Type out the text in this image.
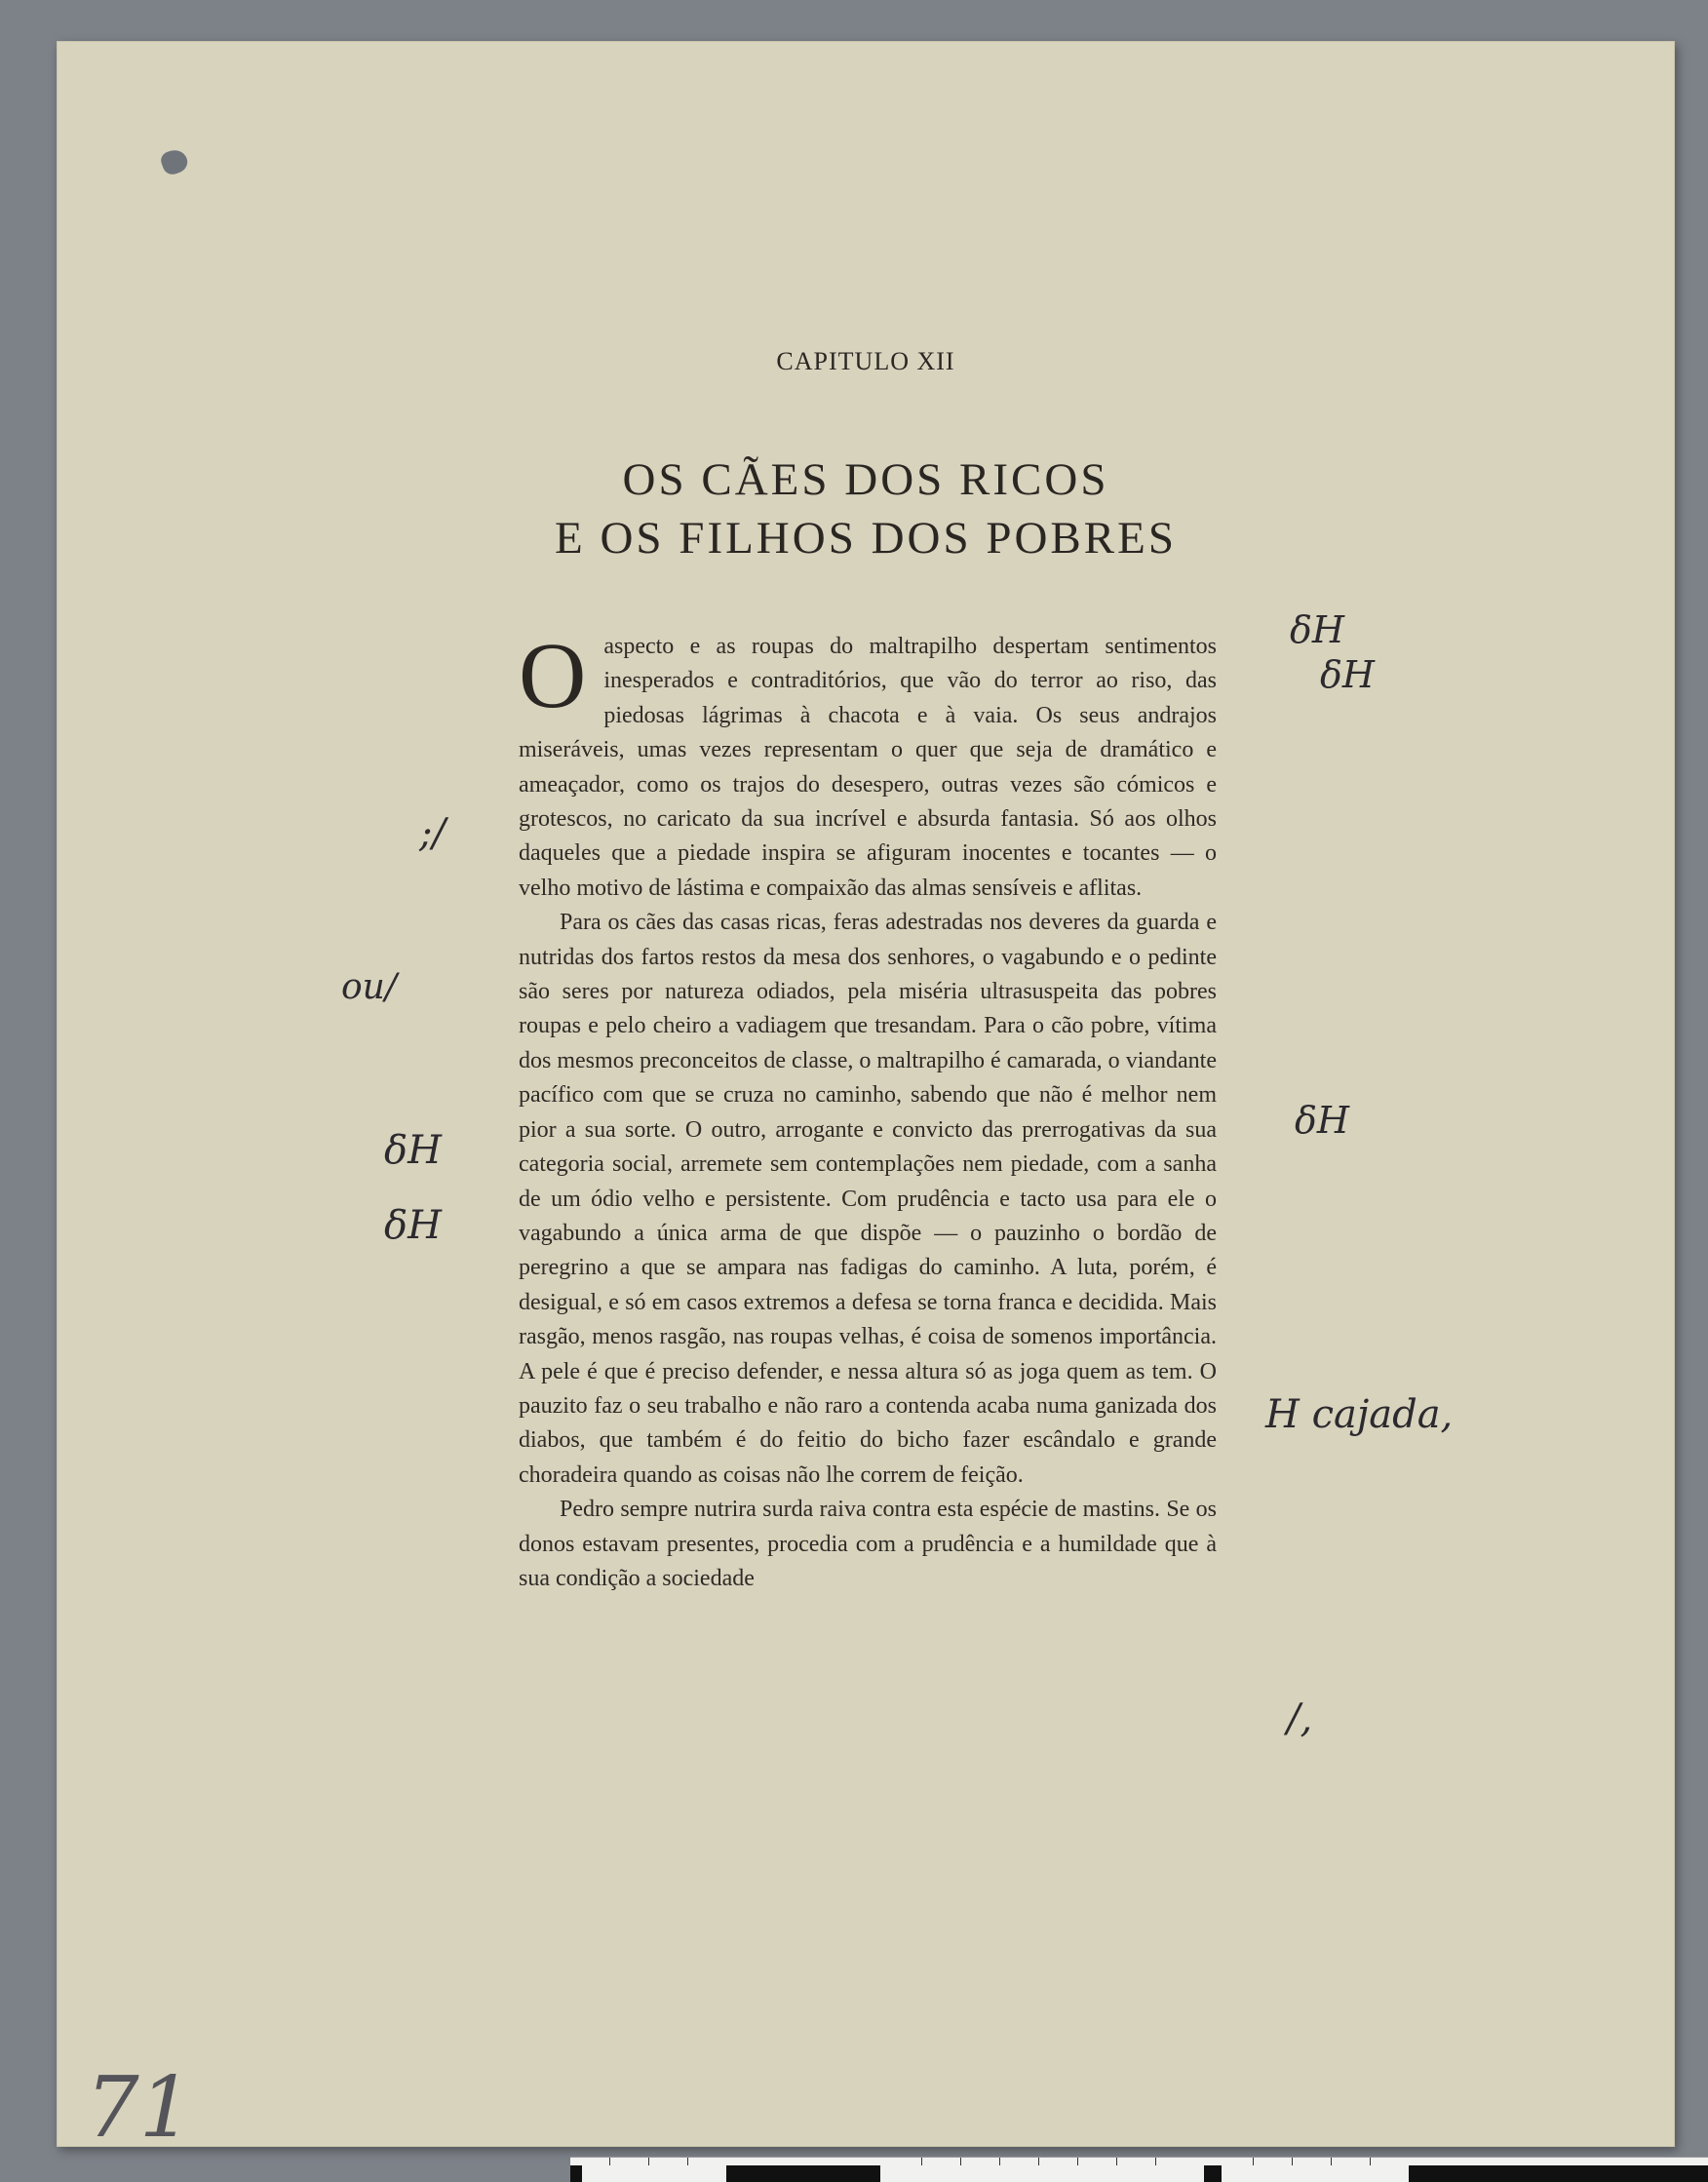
CAPITULO XII
OS CÃES DOS RICOS
E OS FILHOS DOS POBRES

Oaspecto e as roupas do maltrapilho despertam sentimentos inesperados e contraditórios, que vão do terror ao riso, das piedosas lágrimas à chacota e à vaia. Os seus andrajos miseráveis, umas vezes representam o quer que seja de dramático e ameaçador, como os trajos do desespero, outras vezes são cómicos e grotescos, no caricato da sua incrível e absurda fantasia. Só aos olhos daqueles que a piedade inspira se afiguram inocentes e tocantes — o velho motivo de lástima e compaixão das almas sensíveis e aflitas.

Para os cães das casas ricas, feras adestradas nos deveres da guarda e nutridas dos fartos restos da mesa dos senhores, o vagabundo e o pedinte são seres por natureza odiados, pela miséria ultrasuspeita das pobres roupas e pelo cheiro a vadiagem que tresandam. Para o cão pobre, vítima dos mesmos preconceitos de classe, o maltrapilho é camarada, o viandante pacífico com que se cruza no caminho, sabendo que não é melhor nem pior a sua sorte. O outro, arrogante e convicto das prerrogativas da sua categoria social, arremete sem contemplações nem piedade, com a sanha de um ódio velho e persistente. Com prudência e tacto usa para ele o vagabundo a única arma de que dispõe — o pauzinho o bordão de peregrino a que se ampara nas fadigas do caminho. A luta, porém, é desigual, e só em casos extremos a defesa se torna franca e decidida. Mais rasgão, menos rasgão, nas roupas velhas, é coisa de somenos importância. A pele é que é preciso defender, e nessa altura só as joga quem as tem. O pauzito faz o seu trabalho e não raro a contenda acaba numa ganizada dos diabos, que também é do feitio do bicho fazer escândalo e grande choradeira quando as coisas não lhe correm de feição.

Pedro sempre nutrira surda raiva contra esta espécie de mastins. Se os donos estavam presentes, procedia com a prudência e a humildade que à sua condição a sociedade

δH
δH
;/
ou/
δH
δH
δH
H cajada,
/,
71
